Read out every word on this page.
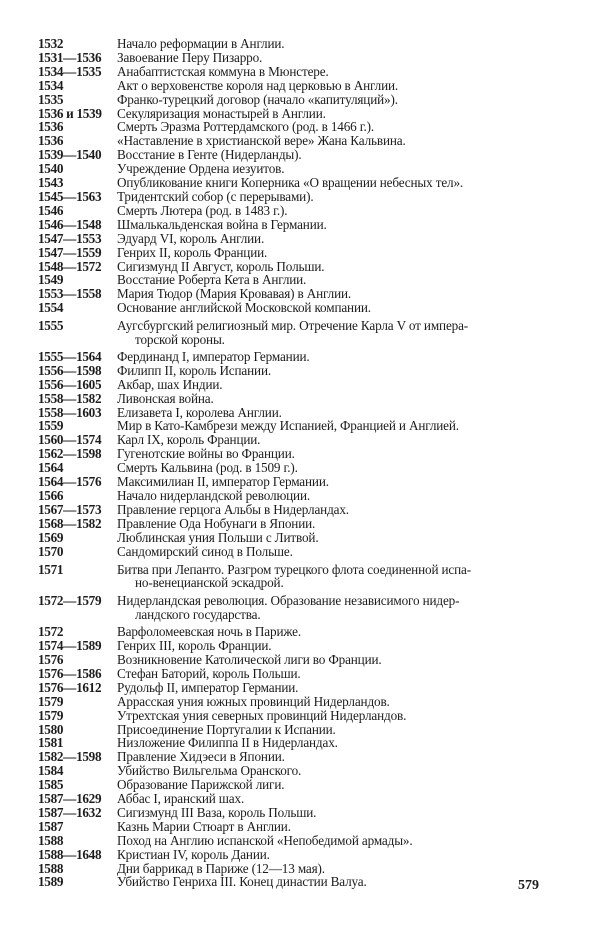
1532	Начало реформации в Англии.
1531—1536	Завоевание Перу Пизарро.
1534—1535	Анабаптистская коммуна в Мюнстере.
1534	Акт о верховенстве короля над церковью в Англии.
1535	Франко-турецкий договор (начало «капитуляций»).
1536 и 1539	Секуляризация монастырей в Англии.
1536	Смерть Эразма Роттердамского (род. в 1466 г.).
1536	«Наставление в христианской вере» Жана Кальвина.
1539—1540	Восстание в Генте (Нидерланды).
1540	Учреждение Ордена иезуитов.
1543	Опубликование книги Коперника «О вращении небесных тел».
1545—1563	Тридентский собор (с перерывами).
1546	Смерть Лютера (род. в 1483 г.).
1546—1548	Шмалькальденская война в Германии.
1547—1553	Эдуард VI, король Англии.
1547—1559	Генрих II, король Франции.
1548—1572	Сигизмунд II Август, король Польши.
1549	Восстание Роберта Кета в Англии.
1553—1558	Мария Тюдор (Мария Кровавая) в Англии.
1554	Основание английской Московской компании.
1555	Аугсбургский религиозный мир. Отречение Карла V от импера-
торской короны.
1555—1564	Фердинанд I, император Германии.
1556—1598	Филипп II, король Испании.
1556—1605	Акбар, шах Индии.
1558—1582	Ливонская война.
1558—1603	Елизавета I, королева Англии.
1559	Мир в Като-Камбрези между Испанией, Францией и Англией.
1560—1574	Карл IX, король Франции.
1562—1598	Гугенотские войны во Франции.
1564	Смерть Кальвина (род. в 1509 г.).
1564—1576	Максимилиан II, император Германии.
1566	Начало нидерландской революции.
1567—1573	Правление герцога Альбы в Нидерландах.
1568—1582	Правление Ода Нобунаги в Японии.
1569	Люблинская уния Польши с Литвой.
1570	Сандомирский синод в Польше.
1571	Битва при Лепанто. Разгром турецкого флота соединенной испа-
но-венецианской эскадрой.
1572—1579	Нидерландская революция. Образование независимого нидер-
ландского государства.
1572	Варфоломеевская ночь в Париже.
1574—1589	Генрих III, король Франции.
1576	Возникновение Католической лиги во Франции.
1576—1586	Стефан Баторий, король Польши.
1576—1612	Рудольф II, император Германии.
1579	Аррасская уния южных провинций Нидерландов.
1579	Утрехтская уния северных провинций Нидерландов.
1580	Присоединение Португалии к Испании.
1581	Низложение Филиппа II в Нидерландах.
1582—1598	Правление Хидэеси в Японии.
1584	Убийство Вильгельма Оранского.
1585	Образование Парижской лиги.
1587—1629	Аббас I, иранский шах.
1587—1632	Сигизмунд III Ваза, король Польши.
1587	Казнь Марии Стюарт в Англии.
1588	Поход на Англию испанской «Непобедимой армады».
1588—1648	Кристиан IV, король Дании.
1588	Дни баррикад в Париже (12—13 мая).
1589	Убийство Генриха III. Конец династии Валуа.	579
